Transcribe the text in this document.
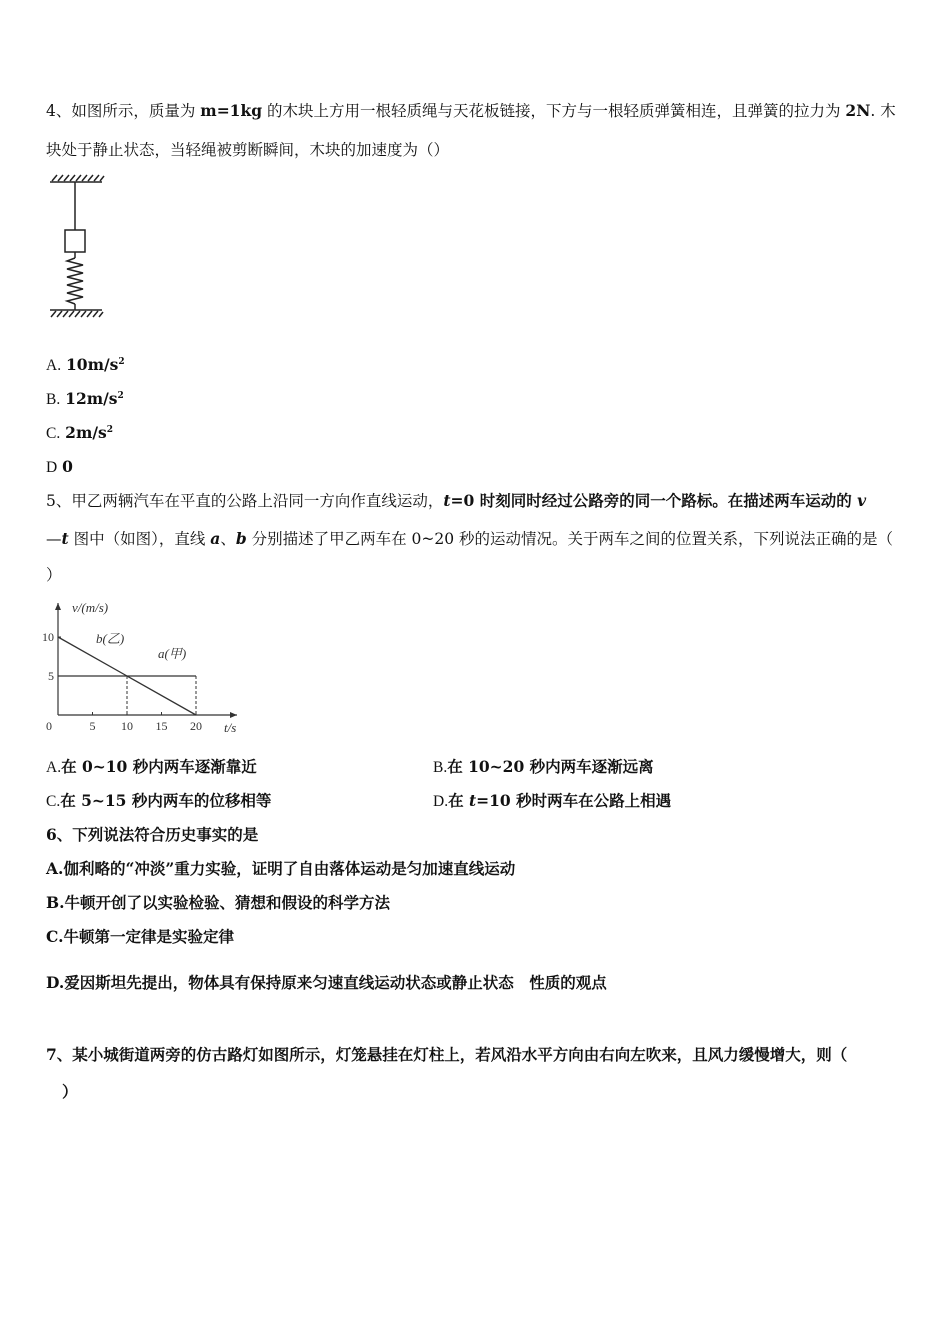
4、如图所示，质量为 m=1kg 的木块上方用一根轻质绳与天花板链接，下方与一根轻质弹簧相连，且弹簧的拉力为 2N. 木
块处于静止状态，当轻绳被剪断瞬间，木块的加速度为（）
A. $10m/s^2$
B. $12m/s^2$
C. $2m/s^2$
D 0
5、甲乙两辆汽车在平直的公路上沿同一方向作直线运动，t=0 时刻同时经过公路旁的同一个路标。在描述两车运动的 v
—t 图中（如图），直线 a、b 分别描述了甲乙两车在 0~20 秒的运动情况。关于两车之间的位置关系，下列说法正确的是（
）
v/(m/s)
t/s
0	5 10 15 20
5
10	b(乙)
a(甲)
A.在 0~10 秒内两车逐渐靠近	B.在 10~20 秒内两车逐渐远离
C.在 5~15 秒内两车的位移相等	D.在 t=10 秒时两车在公路上相遇
6、下列说法符合历史事实的是
A.伽利略的“冲淡”重力实验，证明了自由落体运动是匀加速直线运动
B.牛顿开创了以实验检验、猜想和假设的科学方法
C.牛顿第一定律是实验定律
D.爱因斯坦先提出，物体具有保持原来匀速直线运动状态或静止状态　性质的观点
7、某小城街道两旁的仿古路灯如图所示，灯笼悬挂在灯柱上，若风沿水平方向由右向左吹来，且风力缓慢增大，则（
）
